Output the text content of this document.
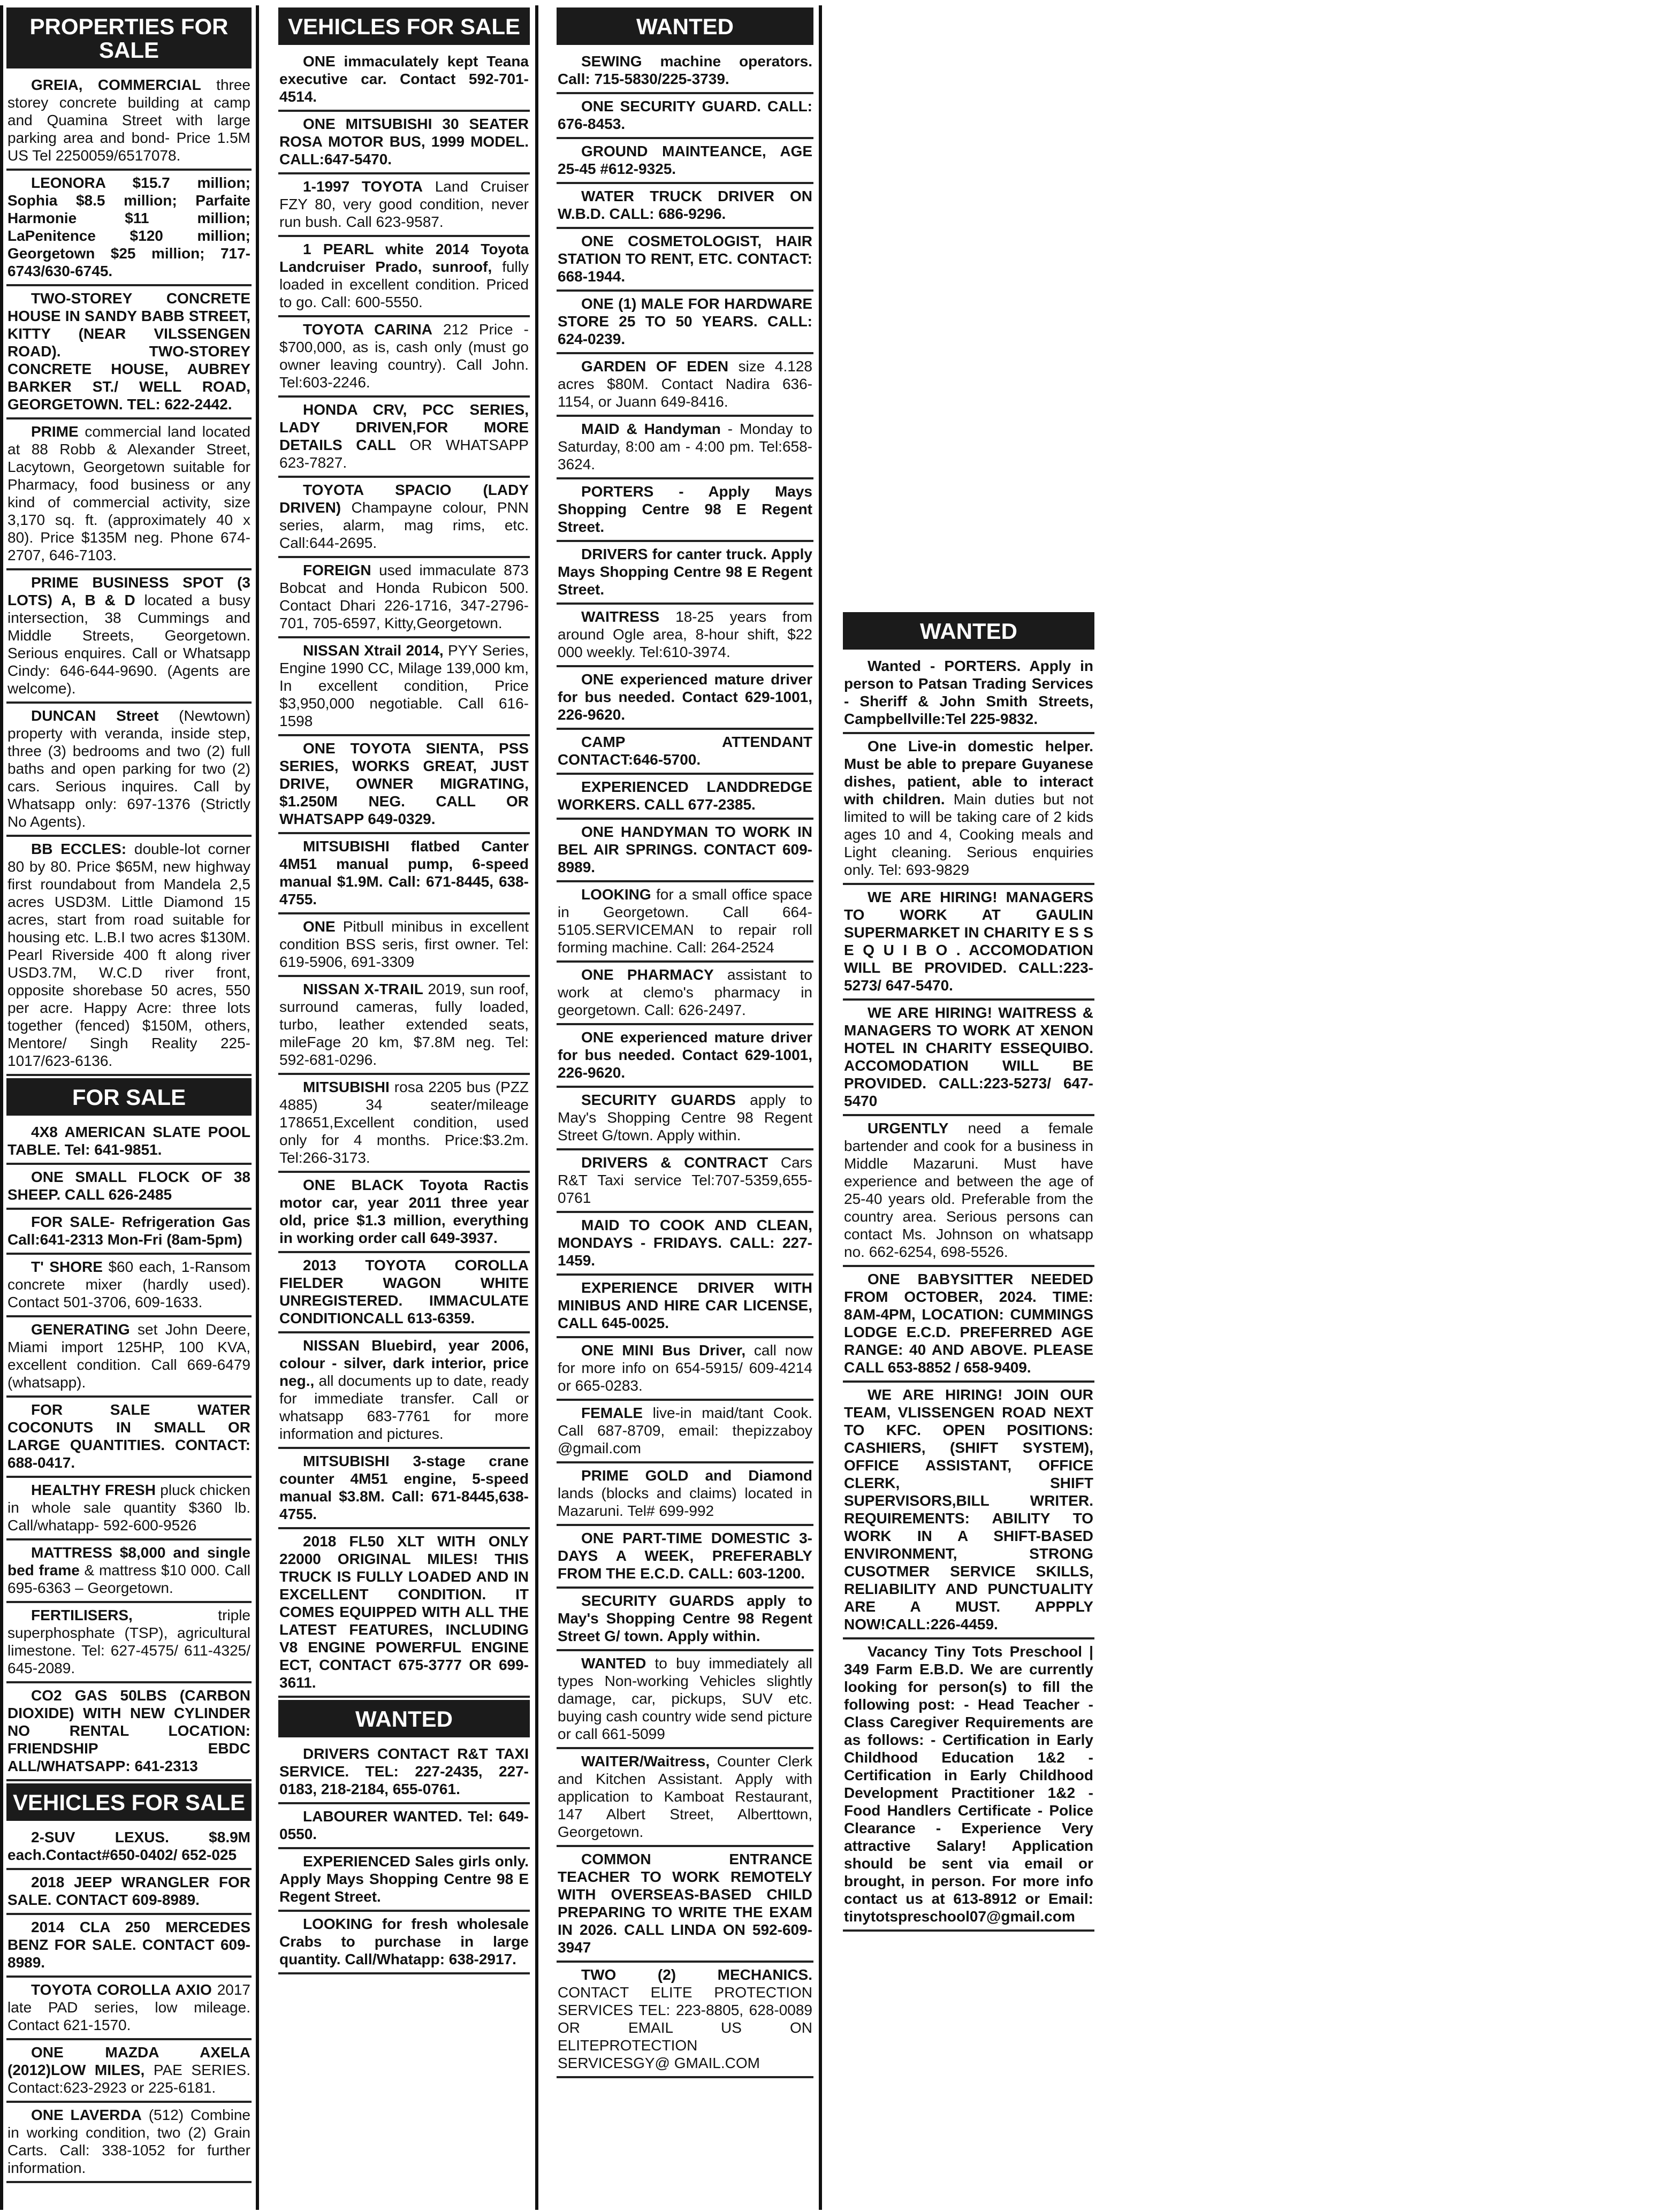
PROPERTIES FOR SALE
GREIA, COMMERCIAL three storey concrete building at camp and Quamina Street with large parking area and bond- Price 1.5M US Tel 2250059/6517078.
LEONORA $15.7 million; Sophia $8.5 million; Parfaite Harmonie $11 million; LaPenitence $120 million; Georgetown $25 million; 717-6743/630-6745.
TWO-STOREY CONCRETE HOUSE IN SANDY BABB STREET, KITTY (NEAR VILSSENGEN ROAD). TWO-STOREY CONCRETE HOUSE, AUBREY BARKER ST./ WELL ROAD, GEORGETOWN. TEL: 622-2442.
PRIME commercial land located at 88 Robb & Alexander Street, Lacytown, Georgetown suitable for Pharmacy, food business or any kind of commercial activity, size 3,170 sq. ft. (approximately 40 x 80). Price $135M neg. Phone 674-2707, 646-7103.
PRIME BUSINESS SPOT (3 LOTS) A, B & D located a busy intersection, 38 Cummings and Middle Streets, Georgetown. Serious enquires. Call or Whatsapp Cindy: 646-644-9690. (Agents are welcome).
DUNCAN Street (Newtown) property with veranda, inside step, three (3) bedrooms and two (2) full baths and open parking for two (2) cars. Serious inquires. Call by Whatsapp only: 697-1376 (Strictly No Agents).
BB ECCLES: double-lot corner 80 by 80. Price $65M, new highway first roundabout from Mandela 2,5 acres USD3M. Little Diamond 15 acres, start from road suitable for housing etc. L.B.I two acres $130M. Pearl Riverside 400 ft along river USD3.7M, W.C.D river front, opposite shorebase 50 acres, 550 per acre. Happy Acre: three lots together (fenced) $150M, others, Mentore/ Singh Reality 225-1017/623-6136.
FOR SALE
4X8 AMERICAN SLATE POOL TABLE. Tel: 641-9851.
ONE SMALL FLOCK OF 38 SHEEP. CALL 626-2485
FOR SALE- Refrigeration Gas Call:641-2313 Mon-Fri (8am-5pm)
T' SHORE $60 each, 1-Ransom concrete mixer (hardly used). Contact 501-3706, 609-1633.
GENERATING set John Deere, Miami import 125HP, 100 KVA, excellent condition. Call 669-6479 (whatsapp).
FOR SALE WATER COCONUTS IN SMALL OR LARGE QUANTITIES. CONTACT: 688-0417.
HEALTHY FRESH pluck chicken in whole sale quantity $360 lb. Call/whatapp- 592-600-9526
MATTRESS $8,000 and single bed frame & mattress $10 000. Call 695-6363 – Georgetown.
FERTILISERS, triple superphosphate (TSP), agricultural limestone. Tel: 627-4575/ 611-4325/ 645-2089.
CO2 GAS 50LBS (CARBON DIOXIDE) WITH NEW CYLINDER NO RENTAL LOCATION: FRIENDSHIP EBDC ALL/WHATSAPP: 641-2313
VEHICLES FOR SALE
2-SUV LEXUS. $8.9M each.Contact#650-0402/ 652-025
2018 JEEP WRANGLER FOR SALE. CONTACT 609-8989.
2014 CLA 250 MERCEDES BENZ FOR SALE. CONTACT 609-8989.
TOYOTA COROLLA AXIO 2017 late PAD series, low mileage. Contact 621-1570.
ONE MAZDA AXELA (2012)LOW MILES, PAE SERIES. Contact:623-2923 or 225-6181.
ONE LAVERDA (512) Combine in working condition, two (2) Grain Carts. Call: 338-1052 for further information.
VEHICLES FOR SALE
ONE immaculately kept Teana executive car. Contact 592-701-4514.
ONE MITSUBISHI 30 SEATER ROSA MOTOR BUS, 1999 MODEL. CALL:647-5470.
1-1997 TOYOTA Land Cruiser FZY 80, very good condition, never run bush. Call 623-9587.
1 PEARL white 2014 Toyota Landcruiser Prado, sunroof, fully loaded in excellent condition. Priced to go. Call: 600-5550.
TOYOTA CARINA 212 Price - $700,000, as is, cash only (must go owner leaving country). Call John. Tel:603-2246.
HONDA CRV, PCC SERIES, LADY DRIVEN,FOR MORE DETAILS CALL OR WHATSAPP 623-7827.
TOYOTA SPACIO (LADY DRIVEN) Champayne colour, PNN series, alarm, mag rims, etc. Call:644-2695.
FOREIGN used immaculate 873 Bobcat and Honda Rubicon 500. Contact Dhari 226-1716, 347-2796-701, 705-6597, Kitty,Georgetown.
NISSAN Xtrail 2014, PYY Series, Engine 1990 CC, Milage 139,000 km, In excellent condition, Price $3,950,000 negotiable. Call 616-1598
ONE TOYOTA SIENTA, PSS SERIES, WORKS GREAT, JUST DRIVE, OWNER MIGRATING, $1.250M NEG. CALL OR WHATSAPP 649-0329.
MITSUBISHI flatbed Canter 4M51 manual pump, 6-speed manual $1.9M. Call: 671-8445, 638-4755.
ONE Pitbull minibus in excellent condition BSS seris, first owner. Tel: 619-5906, 691-3309
NISSAN X-TRAIL 2019, sun roof, surround cameras, fully loaded, turbo, leather extended seats, mileFage 20 km, $7.8M neg. Tel: 592-681-0296.
MITSUBISHI rosa 2205 bus (PZZ 4885) 34 seater/mileage 178651,Excellent condition, used only for 4 months. Price:$3.2m. Tel:266-3173.
ONE BLACK Toyota Ractis motor car, year 2011 three year old, price $1.3 million, everything in working order call 649-3937.
2013 TOYOTA COROLLA FIELDER WAGON WHITE UNREGISTERED. IMMACULATE CONDITIONCALL 613-6359.
NISSAN Bluebird, year 2006, colour - silver, dark interior, price neg., all documents up to date, ready for immediate transfer. Call or whatsapp 683-7761 for more information and pictures.
MITSUBISHI 3-stage crane counter 4M51 engine, 5-speed manual $3.8M. Call: 671-8445,638-4755.
2018 FL50 XLT WITH ONLY 22000 ORIGINAL MILES! THIS TRUCK IS FULLY LOADED AND IN EXCELLENT CONDITION. IT COMES EQUIPPED WITH ALL THE LATEST FEATURES, INCLUDING V8 ENGINE POWERFUL ENGINE ECT, CONTACT 675-3777 OR 699-3611.
WANTED
DRIVERS CONTACT R&T TAXI SERVICE. TEL: 227-2435, 227-0183, 218-2184, 655-0761.
LABOURER WANTED. Tel: 649-0550.
EXPERIENCED Sales girls only. Apply Mays Shopping Centre 98 E Regent Street.
LOOKING for fresh wholesale Crabs to purchase in large quantity. Call/Whatapp: 638-2917.
WANTED
SEWING machine operators. Call: 715-5830/225-3739.
ONE SECURITY GUARD. CALL: 676-8453.
GROUND MAINTEANCE, AGE 25-45 #612-9325.
WATER TRUCK DRIVER ON W.B.D. CALL: 686-9296.
ONE COSMETOLOGIST, HAIR STATION TO RENT, ETC. CONTACT: 668-1944.
ONE (1) MALE FOR HARDWARE STORE 25 TO 50 YEARS. CALL: 624-0239.
GARDEN OF EDEN size 4.128 acres $80M. Contact Nadira 636-1154, or Juann 649-8416.
MAID & Handyman - Monday to Saturday, 8:00 am - 4:00 pm. Tel:658-3624.
PORTERS - Apply Mays Shopping Centre 98 E Regent Street.
DRIVERS for canter truck. Apply Mays Shopping Centre 98 E Regent Street.
WAITRESS 18-25 years from around Ogle area, 8-hour shift, $22 000 weekly. Tel:610-3974.
ONE experienced mature driver for bus needed. Contact 629-1001, 226-9620.
CAMP ATTENDANT CONTACT:646-5700.
EXPERIENCED LANDDREDGE WORKERS. CALL 677-2385.
ONE HANDYMAN TO WORK IN BEL AIR SPRINGS. CONTACT 609-8989.
LOOKING for a small office space in Georgetown. Call 664-5105.SERVICEMAN to repair roll forming machine. Call: 264-2524
ONE PHARMACY assistant to work at clemo's pharmacy in georgetown. Call: 626-2497.
ONE experienced mature driver for bus needed. Contact 629-1001, 226-9620.
SECURITY GUARDS apply to May's Shopping Centre 98 Regent Street G/town. Apply within.
DRIVERS & CONTRACT Cars R&T Taxi service Tel:707-5359,655-0761
MAID TO COOK AND CLEAN, MONDAYS - FRIDAYS. CALL: 227-1459.
EXPERIENCE DRIVER WITH MINIBUS AND HIRE CAR LICENSE, CALL 645-0025.
ONE MINI Bus Driver, call now for more info on 654-5915/ 609-4214 or 665-0283.
FEMALE live-in maid/tant Cook. Call 687-8709, email: thepizzaboy @gmail.com
PRIME GOLD and Diamond lands (blocks and claims) located in Mazaruni. Tel# 699-992
ONE PART-TIME DOMESTIC 3-DAYS A WEEK, PREFERABLY FROM THE E.C.D. CALL: 603-1200.
SECURITY GUARDS apply to May's Shopping Centre 98 Regent Street G/ town. Apply within.
WANTED to buy immediately all types Non-working Vehicles slightly damage, car, pickups, SUV etc. buying cash country wide send picture or call 661-5099
WAITER/Waitress, Counter Clerk and Kitchen Assistant. Apply with application to Kamboat Restaurant, 147 Albert Street, Alberttown, Georgetown.
COMMON ENTRANCE TEACHER TO WORK REMOTELY WITH OVERSEAS-BASED CHILD PREPARING TO WRITE THE EXAM IN 2026. CALL LINDA ON 592-609-3947
TWO (2) MECHANICS. CONTACT ELITE PROTECTION SERVICES TEL: 223-8805, 628-0089 OR EMAIL US ON ELITEPROTECTION SERVICESGY@ GMAIL.COM
WANTED
Wanted - PORTERS. Apply in person to Patsan Trading Services - Sheriff & John Smith Streets, Campbellville:Tel 225-9832.
One Live-in domestic helper. Must be able to prepare Guyanese dishes, patient, able to interact with children. Main duties but not limited to will be taking care of 2 kids ages 10 and 4, Cooking meals and Light cleaning. Serious enquiries only. Tel: 693-9829
WE ARE HIRING! MANAGERS TO WORK AT GAULIN SUPERMARKET IN CHARITY E S S E Q U I B O . ACCOMODATION WILL BE PROVIDED. CALL:223-5273/ 647-5470.
WE ARE HIRING! WAITRESS & MANAGERS TO WORK AT XENON HOTEL IN CHARITY ESSEQUIBO. ACCOMODATION WILL BE PROVIDED. CALL:223-5273/ 647-5470
URGENTLY need a female bartender and cook for a business in Middle Mazaruni. Must have experience and between the age of 25-40 years old. Preferable from the country area. Serious persons can contact Ms. Johnson on whatsapp no. 662-6254, 698-5526.
ONE BABYSITTER NEEDED FROM OCTOBER, 2024. TIME: 8AM-4PM, LOCATION: CUMMINGS LODGE E.C.D. PREFERRED AGE RANGE: 40 AND ABOVE. PLEASE CALL 653-8852 / 658-9409.
WE ARE HIRING! JOIN OUR TEAM, VLISSENGEN ROAD NEXT TO KFC. OPEN POSITIONS: CASHIERS, (SHIFT SYSTEM), OFFICE ASSISTANT, OFFICE CLERK, SHIFT SUPERVISORS,BILL WRITER. REQUIREMENTS: ABILITY TO WORK IN A SHIFT-BASED ENVIRONMENT, STRONG CUSOTMER SERVICE SKILLS, RELIABILITY AND PUNCTUALITY ARE A MUST. APPPLY NOW!CALL:226-4459.
Vacancy Tiny Tots Preschool | 349 Farm E.B.D. We are currently looking for person(s) to fill the following post: - Head Teacher - Class Caregiver Requirements are as follows: - Certification in Early Childhood Education 1&2 - Certification in Early Childhood Development Practitioner 1&2 - Food Handlers Certificate - Police Clearance - Experience Very attractive Salary! Application should be sent via email or brought, in person. For more info contact us at 613-8912 or Email: tinytotspreschool07@gmail.com
